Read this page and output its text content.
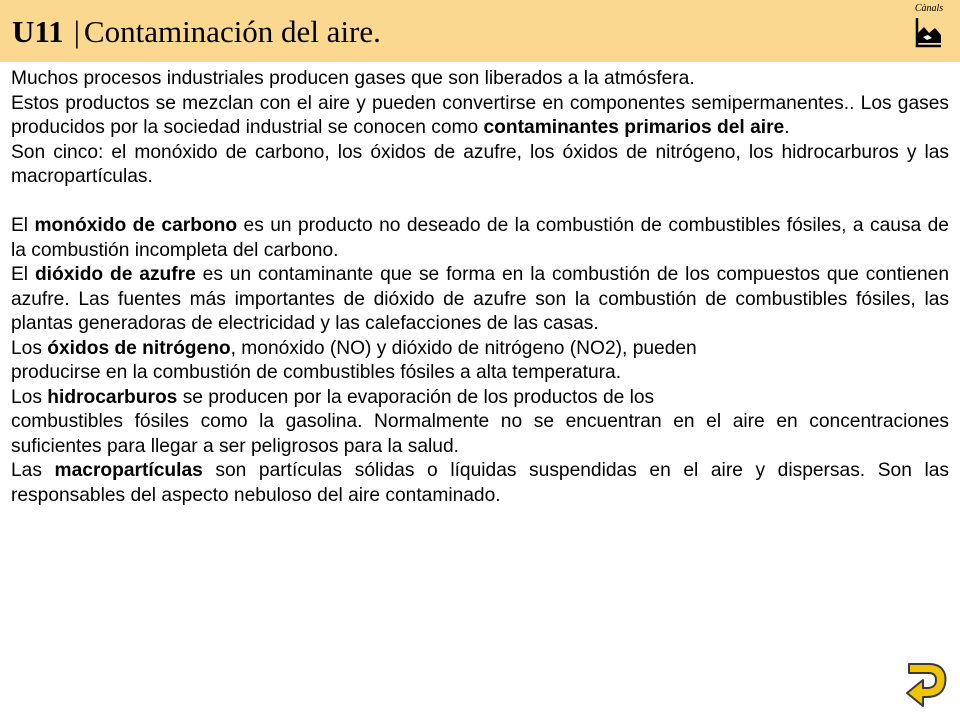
U11 | Contaminación del aire.
Cànals

Muchos procesos industriales producen gases que son liberados a la atmósfera.

Estos productos se mezclan con el aire y pueden convertirse en componentes semipermanentes.. Los gases producidos por la sociedad industrial se conocen como contaminantes primarios del aire.

Son cinco: el monóxido de carbono, los óxidos de azufre, los óxidos de nitrógeno, los hidrocarburos y las macropartículas.

El monóxido de carbono es un producto no deseado de la combustión de combustibles fósiles, a causa de la combustión incompleta del carbono.

El dióxido de azufre es un contaminante que se forma en la combustión de los compuestos que contienen azufre. Las fuentes más importantes de dióxido de azufre son la combustión de combustibles fósiles, las plantas generadoras de electricidad y las calefacciones de las casas.

Los óxidos de nitrógeno, monóxido (NO) y dióxido de nitrógeno (NO2), pueden

producirse en la combustión de combustibles fósiles a alta temperatura.

Los hidrocarburos se producen por la evaporación de los productos de los

combustibles fósiles como la gasolina. Normalmente no se encuentran en el aire en concentraciones suficientes para llegar a ser peligrosos para la salud.

Las macropartículas son partículas sólidas o líquidas suspendidas en el aire y dispersas. Son las responsables del aspecto nebuloso del aire contaminado.
